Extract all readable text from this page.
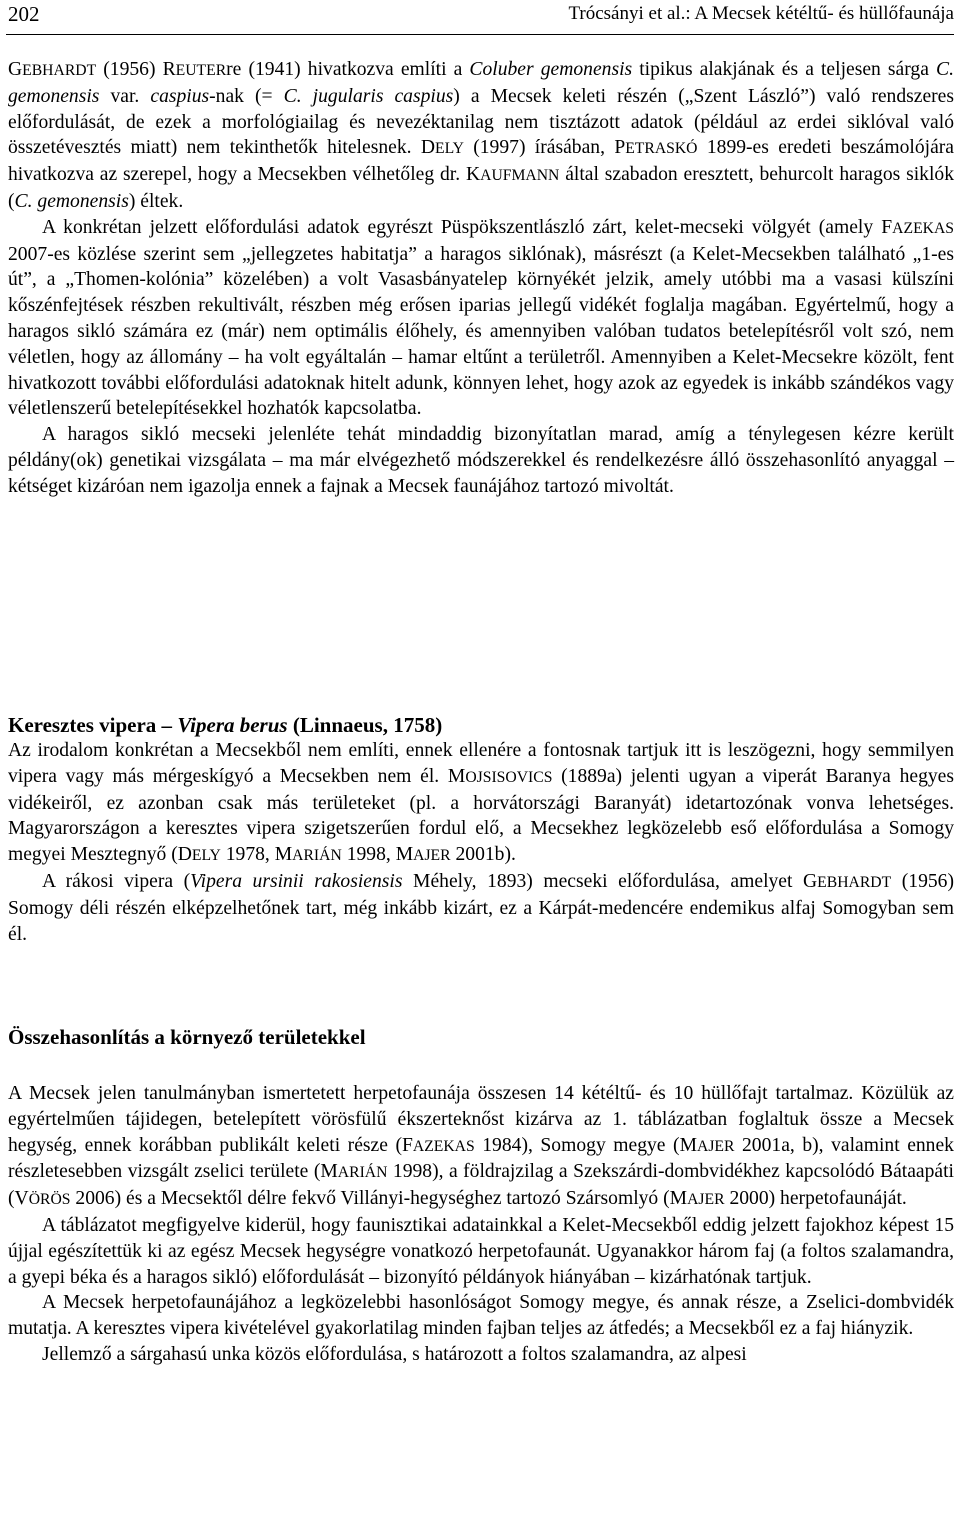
202	Trócsányi et al.: A Mecsek kétéltű- és hüllőfaunája

GEBHARDT (1956) REUTERre (1941) hivatkozva említi a Coluber gemonensis tipikus alakjának és a teljesen sárga C. gemonensis var. caspius-nak (= C. jugularis caspius) a Mecsek keleti részén („Szent László”) való rendszeres előfordulását, de ezek a morfológiailag és nevezéktanilag nem tisztázott adatok (például az erdei siklóval való összetévesztés miatt) nem tekinthetők hitelesnek. DELY (1997) írásában, PETRASKÓ 1899-es eredeti beszámolójára hivatkozva az szerepel, hogy a Mecsekben vélhetőleg dr. KAUFMANN által szabadon eresztett, behurcolt haragos siklók (C. gemonensis) éltek.

A konkrétan jelzett előfordulási adatok egyrészt Püspökszentlászló zárt, kelet-mecseki völgyét (amely FAZEKAS 2007-es közlése szerint sem „jellegzetes habitatja” a haragos siklónak), másrészt (a Kelet-Mecsekben található „1-es út”, a „Thomen-kolónia” közelében) a volt Vasasbányatelep környékét jelzik, amely utóbbi ma a vasasi külszíni kőszénfejtések részben rekultivált, részben még erősen iparias jellegű vidékét foglalja magában. Egyértelmű, hogy a haragos sikló számára ez (már) nem optimális élőhely, és amennyiben valóban tudatos betelepítésről volt szó, nem véletlen, hogy az állomány – ha volt egyáltalán – hamar eltűnt a területről. Amennyiben a Kelet-Mecsekre közölt, fent hivatkozott további előfordulási adatoknak hitelt adunk, könnyen lehet, hogy azok az egyedek is inkább szándékos vagy véletlenszerű betelepítésekkel hozhatók kapcsolatba.

A haragos sikló mecseki jelenléte tehát mindaddig bizonyítatlan marad, amíg a ténylegesen kézre került példány(ok) genetikai vizsgálata – ma már elvégezhető módszerekkel és rendelkezésre álló összehasonlító anyaggal – kétséget kizáróan nem igazolja ennek a fajnak a Mecsek faunájához tartozó mivoltát.

Keresztes vipera – Vipera berus (Linnaeus, 1758)

Az irodalom konkrétan a Mecsekből nem említi, ennek ellenére a fontosnak tartjuk itt is leszögezni, hogy semmilyen vipera vagy más mérgeskígyó a Mecsekben nem él. MOJSISOVICS (1889a) jelenti ugyan a viperát Baranya hegyes vidékeiről, ez azonban csak más területeket (pl. a horvátországi Baranyát) idetartozónak vonva lehetséges. Magyarországon a keresztes vipera szigetszerűen fordul elő, a Mecsekhez legközelebb eső előfordulása a Somogy megyei Mesztegnyő (DELY 1978, MARIÁN 1998, MAJER 2001b).

A rákosi vipera (Vipera ursinii rakosiensis Méhely, 1893) mecseki előfordulása, amelyet GEBHARDT (1956) Somogy déli részén elképzelhetőnek tart, még inkább kizárt, ez a Kárpát-medencére endemikus alfaj Somogyban sem él.

Összehasonlítás a környező területekkel

A Mecsek jelen tanulmányban ismertetett herpetofaunája összesen 14 kétéltű- és 10 hüllőfajt tartalmaz. Közülük az egyértelműen tájidegen, betelepített vörösfülű ékszerteknőst kizárva az 1. táblázatban foglaltuk össze a Mecsek hegység, ennek korábban publikált keleti része (FAZEKAS 1984), Somogy megye (MAJER 2001a, b), valamint ennek részletesebben vizsgált zselici területe (MARIÁN 1998), a földrajzilag a Szekszárdi-dombvidékhez kapcsolódó Bátaapáti (VÖRÖS 2006) és a Mecsektől délre fekvő Villányi-hegységhez tartozó Szársomlyó (MAJER 2000) herpetofaunáját.

A táblázatot megfigyelve kiderül, hogy faunisztikai adatainkkal a Kelet-Mecsekből eddig jelzett fajokhoz képest 15 újjal egészítettük ki az egész Mecsek hegységre vonatkozó herpetofaunát. Ugyanakkor három faj (a foltos szalamandra, a gyepi béka és a haragos sikló) előfordulását – bizonyító példányok hiányában – kizárhatónak tartjuk.

A Mecsek herpetofaunájához a legközelebbi hasonlóságot Somogy megye, és annak része, a Zselici-dombvidék mutatja. A keresztes vipera kivételével gyakorlatilag minden fajban teljes az átfedés; a Mecsekből ez a faj hiányzik.

Jellemző a sárgahasú unka közös előfordulása, s határozott a foltos szalamandra, az alpesi
